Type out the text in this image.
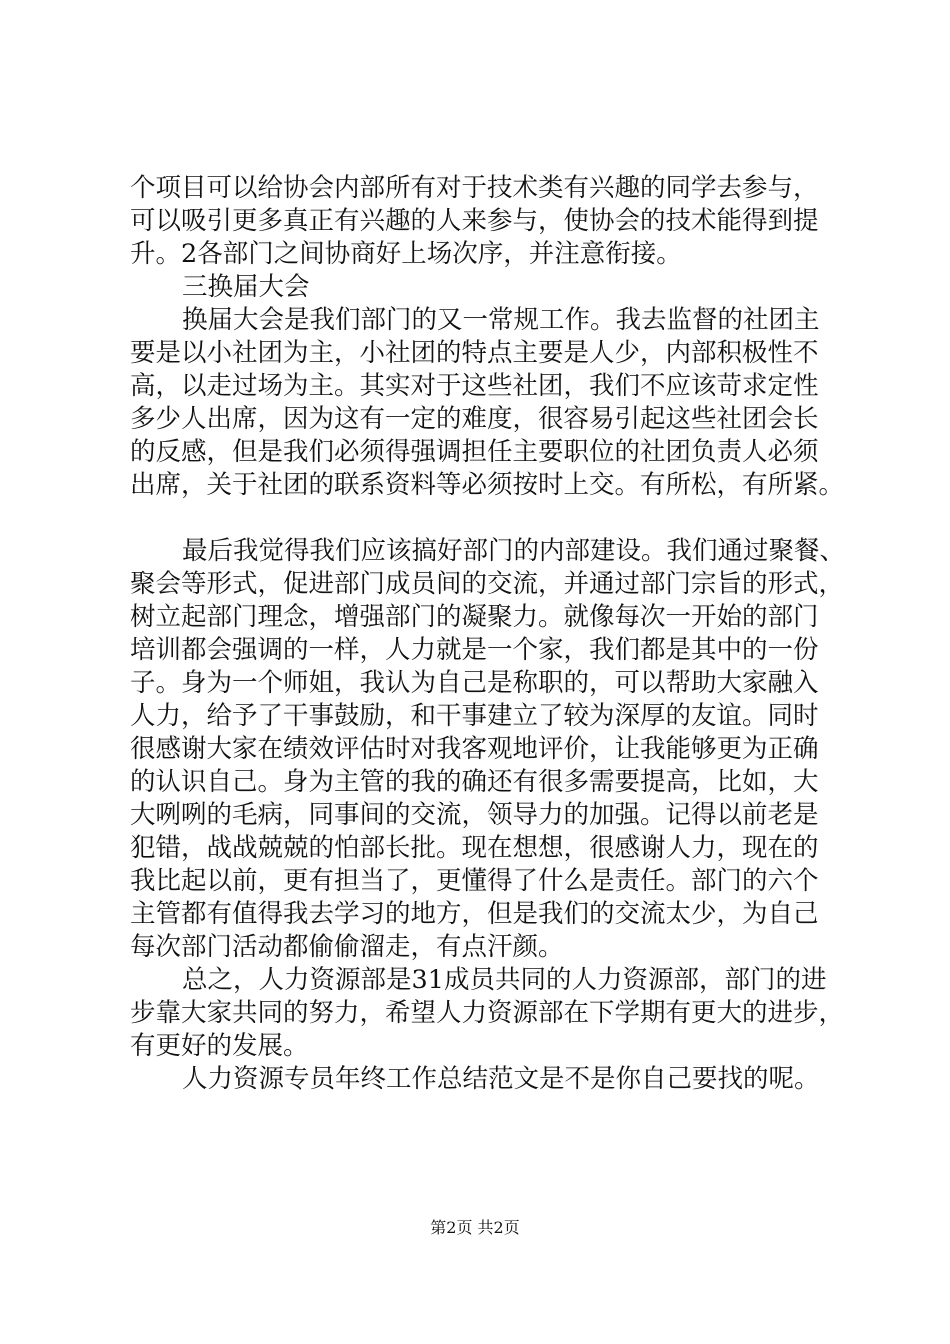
个项目可以给协会内部所有对于技术类有兴趣的同学去参与，
可以吸引更多真正有兴趣的人来参与，使协会的技术能得到提
升。2各部门之间协商好上场次序，并注意衔接。
三换届大会
换届大会是我们部门的又一常规工作。我去监督的社团主
要是以小社团为主，小社团的特点主要是人少，内部积极性不
高，以走过场为主。其实对于这些社团，我们不应该苛求定性
多少人出席，因为这有一定的难度，很容易引起这些社团会长
的反感，但是我们必须得强调担任主要职位的社团负责人必须
出席，关于社团的联系资料等必须按时上交。有所松，有所紧。
最后我觉得我们应该搞好部门的内部建设。我们通过聚餐、
聚会等形式，促进部门成员间的交流，并通过部门宗旨的形式，
树立起部门理念，增强部门的凝聚力。就像每次一开始的部门
培训都会强调的一样，人力就是一个家，我们都是其中的一份
子。身为一个师姐，我认为自己是称职的，可以帮助大家融入
人力，给予了干事鼓励，和干事建立了较为深厚的友谊。同时
很感谢大家在绩效评估时对我客观地评价，让我能够更为正确
的认识自己。身为主管的我的确还有很多需要提高，比如，大
大咧咧的毛病，同事间的交流，领导力的加强。记得以前老是
犯错，战战兢兢的怕部长批。现在想想，很感谢人力，现在的
我比起以前，更有担当了，更懂得了什么是责任。部门的六个
主管都有值得我去学习的地方，但是我们的交流太少，为自己
每次部门活动都偷偷溜走，有点汗颜。
总之，人力资源部是31成员共同的人力资源部，部门的进
步靠大家共同的努力，希望人力资源部在下学期有更大的进步，
有更好的发展。
人力资源专员年终工作总结范文是不是你自己要找的呢。
第2页 共2页
